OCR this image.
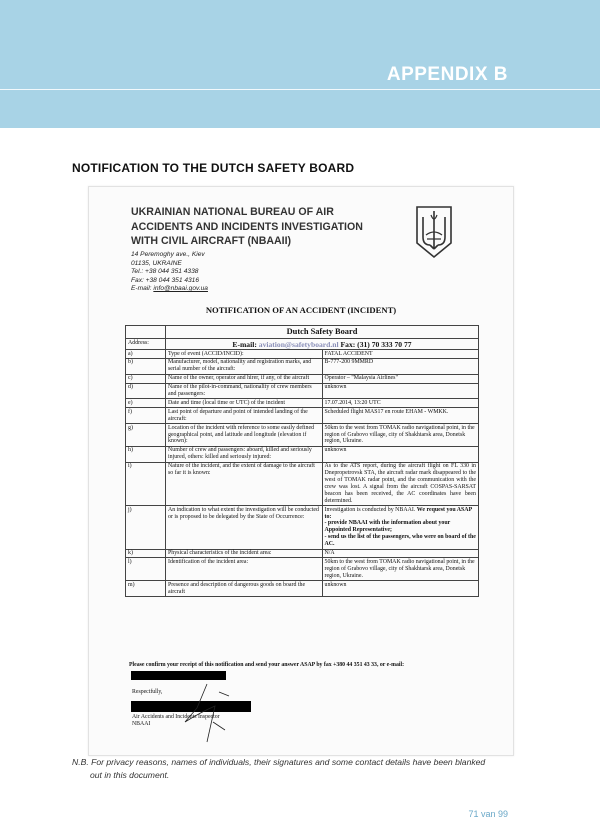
APPENDIX B
NOTIFICATION TO THE DUTCH SAFETY BOARD
UKRAINIAN NATIONAL BUREAU OF AIR
ACCIDENTS AND INCIDENTS INVESTIGATION
WITH CIVIL AIRCRAFT (NBAAII)
14 Peremoghy ave., Kiev
01135, UKRAINE
Tel.: +38 044 351 4338
Fax: +38 044 351 4316
E-mail: info@nbaai.gov.ua
NOTIFICATION OF AN ACCIDENT (INCIDENT)
	Dutch Safety Board	
Address:	E-mail: aviation@safetyboard.nl Fax: (31) 70 333 70 77	
a)	Type of event (ACCID/INCID):	FATAL ACCIDENT
b)	Manufacturer, model, nationality and registration marks, and serial number of the aircraft:	B-777-200 9MMRD
c)	Name of the owner, operator and hirer, if any, of the aircraft	Operator – "Malaysia Airlines"
d)	Name of the pilot-in-command, nationality of crew members and passengers:	unknown
e)	Date and time (local time or UTC) of the incident	17.07.2014, 13:20 UTC
f)	Last point of departure and point of intended landing of the aircraft:	Scheduled flight MAS17 en route EHAM - WMKK.
g)	Location of the incident with reference to some easily defined geographical point, and latitude and longitude (elevation if known):	50km to the west from TOMAK radio navigational point, in the region of Grabovo village, city of Shakhtarsk area, Donetsk region, Ukraine.
h)	Number of crew and passengers: aboard, killed and seriously injured, others: killed and seriously injured:	unknown
i)	Nature of the incident, and the extent of damage to the aircraft so far it is known:	As to the ATS report, during the aircraft flight on FL 330 in Dnepropetrovsk STA, the aircraft radar mark disappeared to the west of TOMAK radar point, and the communication with the crew was lost. A signal from the aircraft COSPAS-SARSAT beacon has been received, the AC coordinates have been determined.
j)	An indication to what extent the investigation will be conducted or is proposed to be delegated by the State of Occurrence:	Investigation is conducted by NBAAI. We request you ASAP to:
- provide NBAAI with the information about your Appointed Representative;
- send us the list of the passengers, who were on board of the AC.
k)	Physical characteristics of the incident area:	N/A
l)	Identification of the incident area:	50km to the west from TOMAK radio navigational point, in the region of Grabovo village, city of Shakhtarsk area, Donetsk region, Ukraine.
m)	Presence and description of dangerous goods on board the aircraft	unknown
Please confirm your receipt of this notification and send your answer ASAP by fax +380 44 351 43 33, or e-mail:
Respectfully,
Air Accidents and Incidents Inspector
NBAAI
N.B. For privacy reasons, names of individuals, their signatures and some contact details have been blanked
out in this document.
71 van 99
